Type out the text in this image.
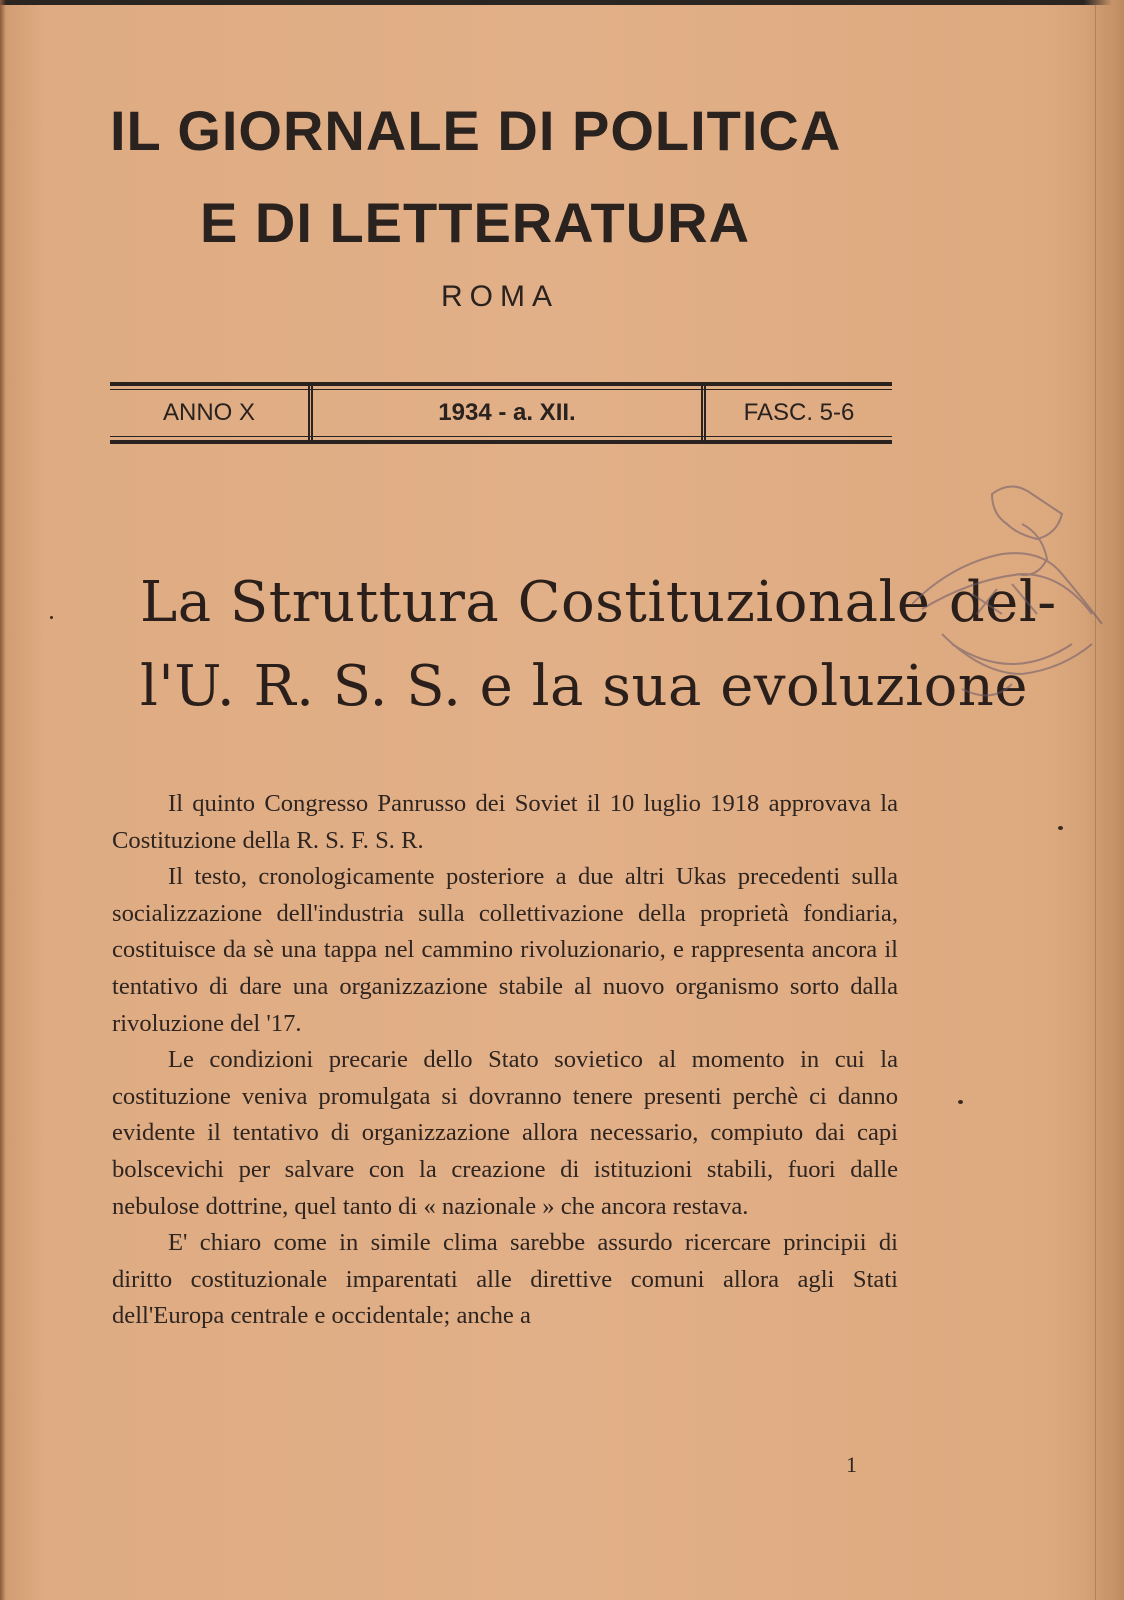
IL GIORNALE DI POLITICA
E DI LETTERATURA
ROMA
ANNO X	1934 - a. XII.	FASC. 5-6
La Struttura Costituzionale del-
l'U. R. S. S. e la sua evoluzione

Il quinto Congresso Panrusso dei Soviet il 10 luglio 1918 approvava la Costituzione della R. S. F. S. R.

Il testo, cronologicamente posteriore a due altri Ukas precedenti sulla socializzazione dell'industria sulla collettivazione della proprietà fondiaria, costituisce da sè una tappa nel cammino rivoluzionario, e rappresenta ancora il tentativo di dare una organizzazione stabile al nuovo organismo sorto dalla rivoluzione del '17.

Le condizioni precarie dello Stato sovietico al momento in cui la costituzione veniva promulgata si dovranno tenere presenti perchè ci danno evidente il tentativo di organizzazione allora necessario, compiuto dai capi bolscevichi per salvare con la creazione di istituzioni stabili, fuori dalle nebulose dottrine, quel tanto di « nazionale » che ancora restava.

E' chiaro come in simile clima sarebbe assurdo ricercare principii di diritto costituzionale imparentati alle direttive comuni allora agli Stati dell'Europa centrale e occidentale; anche a

1
